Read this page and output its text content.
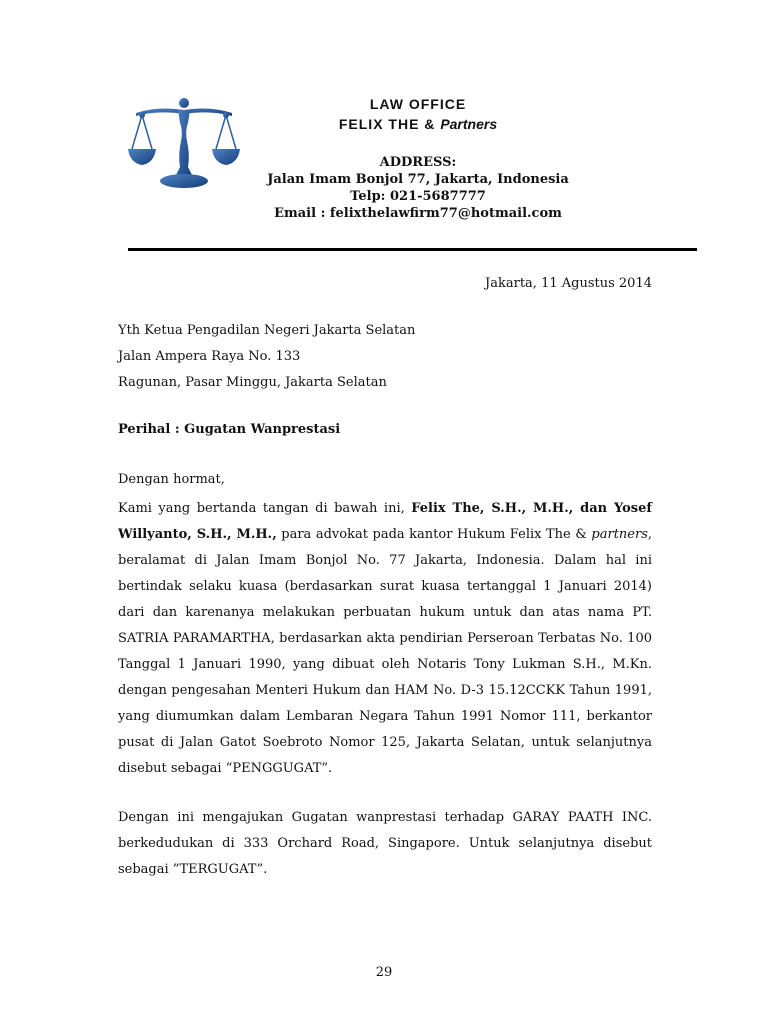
LAW OFFICE
FELIX THE & Partners
ADDRESS:
Jalan Imam Bonjol 77, Jakarta, Indonesia
Telp: 021-5687777
Email : felixthelawfirm77@hotmail.com
Jakarta, 11 Agustus 2014
Yth Ketua Pengadilan Negeri Jakarta Selatan
Jalan Ampera Raya No. 133
Ragunan, Pasar Minggu, Jakarta Selatan
Perihal : Gugatan Wanprestasi
Dengan hormat,
Kami yang bertanda tangan di bawah ini, Felix The, S.H., M.H., dan Yosef Willyanto, S.H., M.H., para advokat pada kantor Hukum Felix The & partners, beralamat di Jalan Imam Bonjol No. 77 Jakarta, Indonesia. Dalam hal ini bertindak selaku kuasa (berdasarkan surat kuasa tertanggal 1 Januari 2014) dari dan karenanya melakukan perbuatan hukum untuk dan atas nama PT. SATRIA PARAMARTHA, berdasarkan akta pendirian Perseroan Terbatas No. 100 Tanggal 1 Januari 1990, yang dibuat oleh Notaris Tony Lukman S.H., M.Kn. dengan pengesahan Menteri Hukum dan HAM No. D-3 15.12CCKK Tahun 1991, yang diumumkan dalam Lembaran Negara Tahun 1991 Nomor 111, berkantor pusat di Jalan Gatot Soebroto Nomor 125, Jakarta Selatan, untuk selanjutnya disebut sebagai “PENGGUGAT”.
Dengan ini mengajukan Gugatan wanprestasi terhadap GARAY PAATH INC. berkedudukan di 333 Orchard Road, Singapore. Untuk selanjutnya disebut sebagai ”TERGUGAT”.
29
